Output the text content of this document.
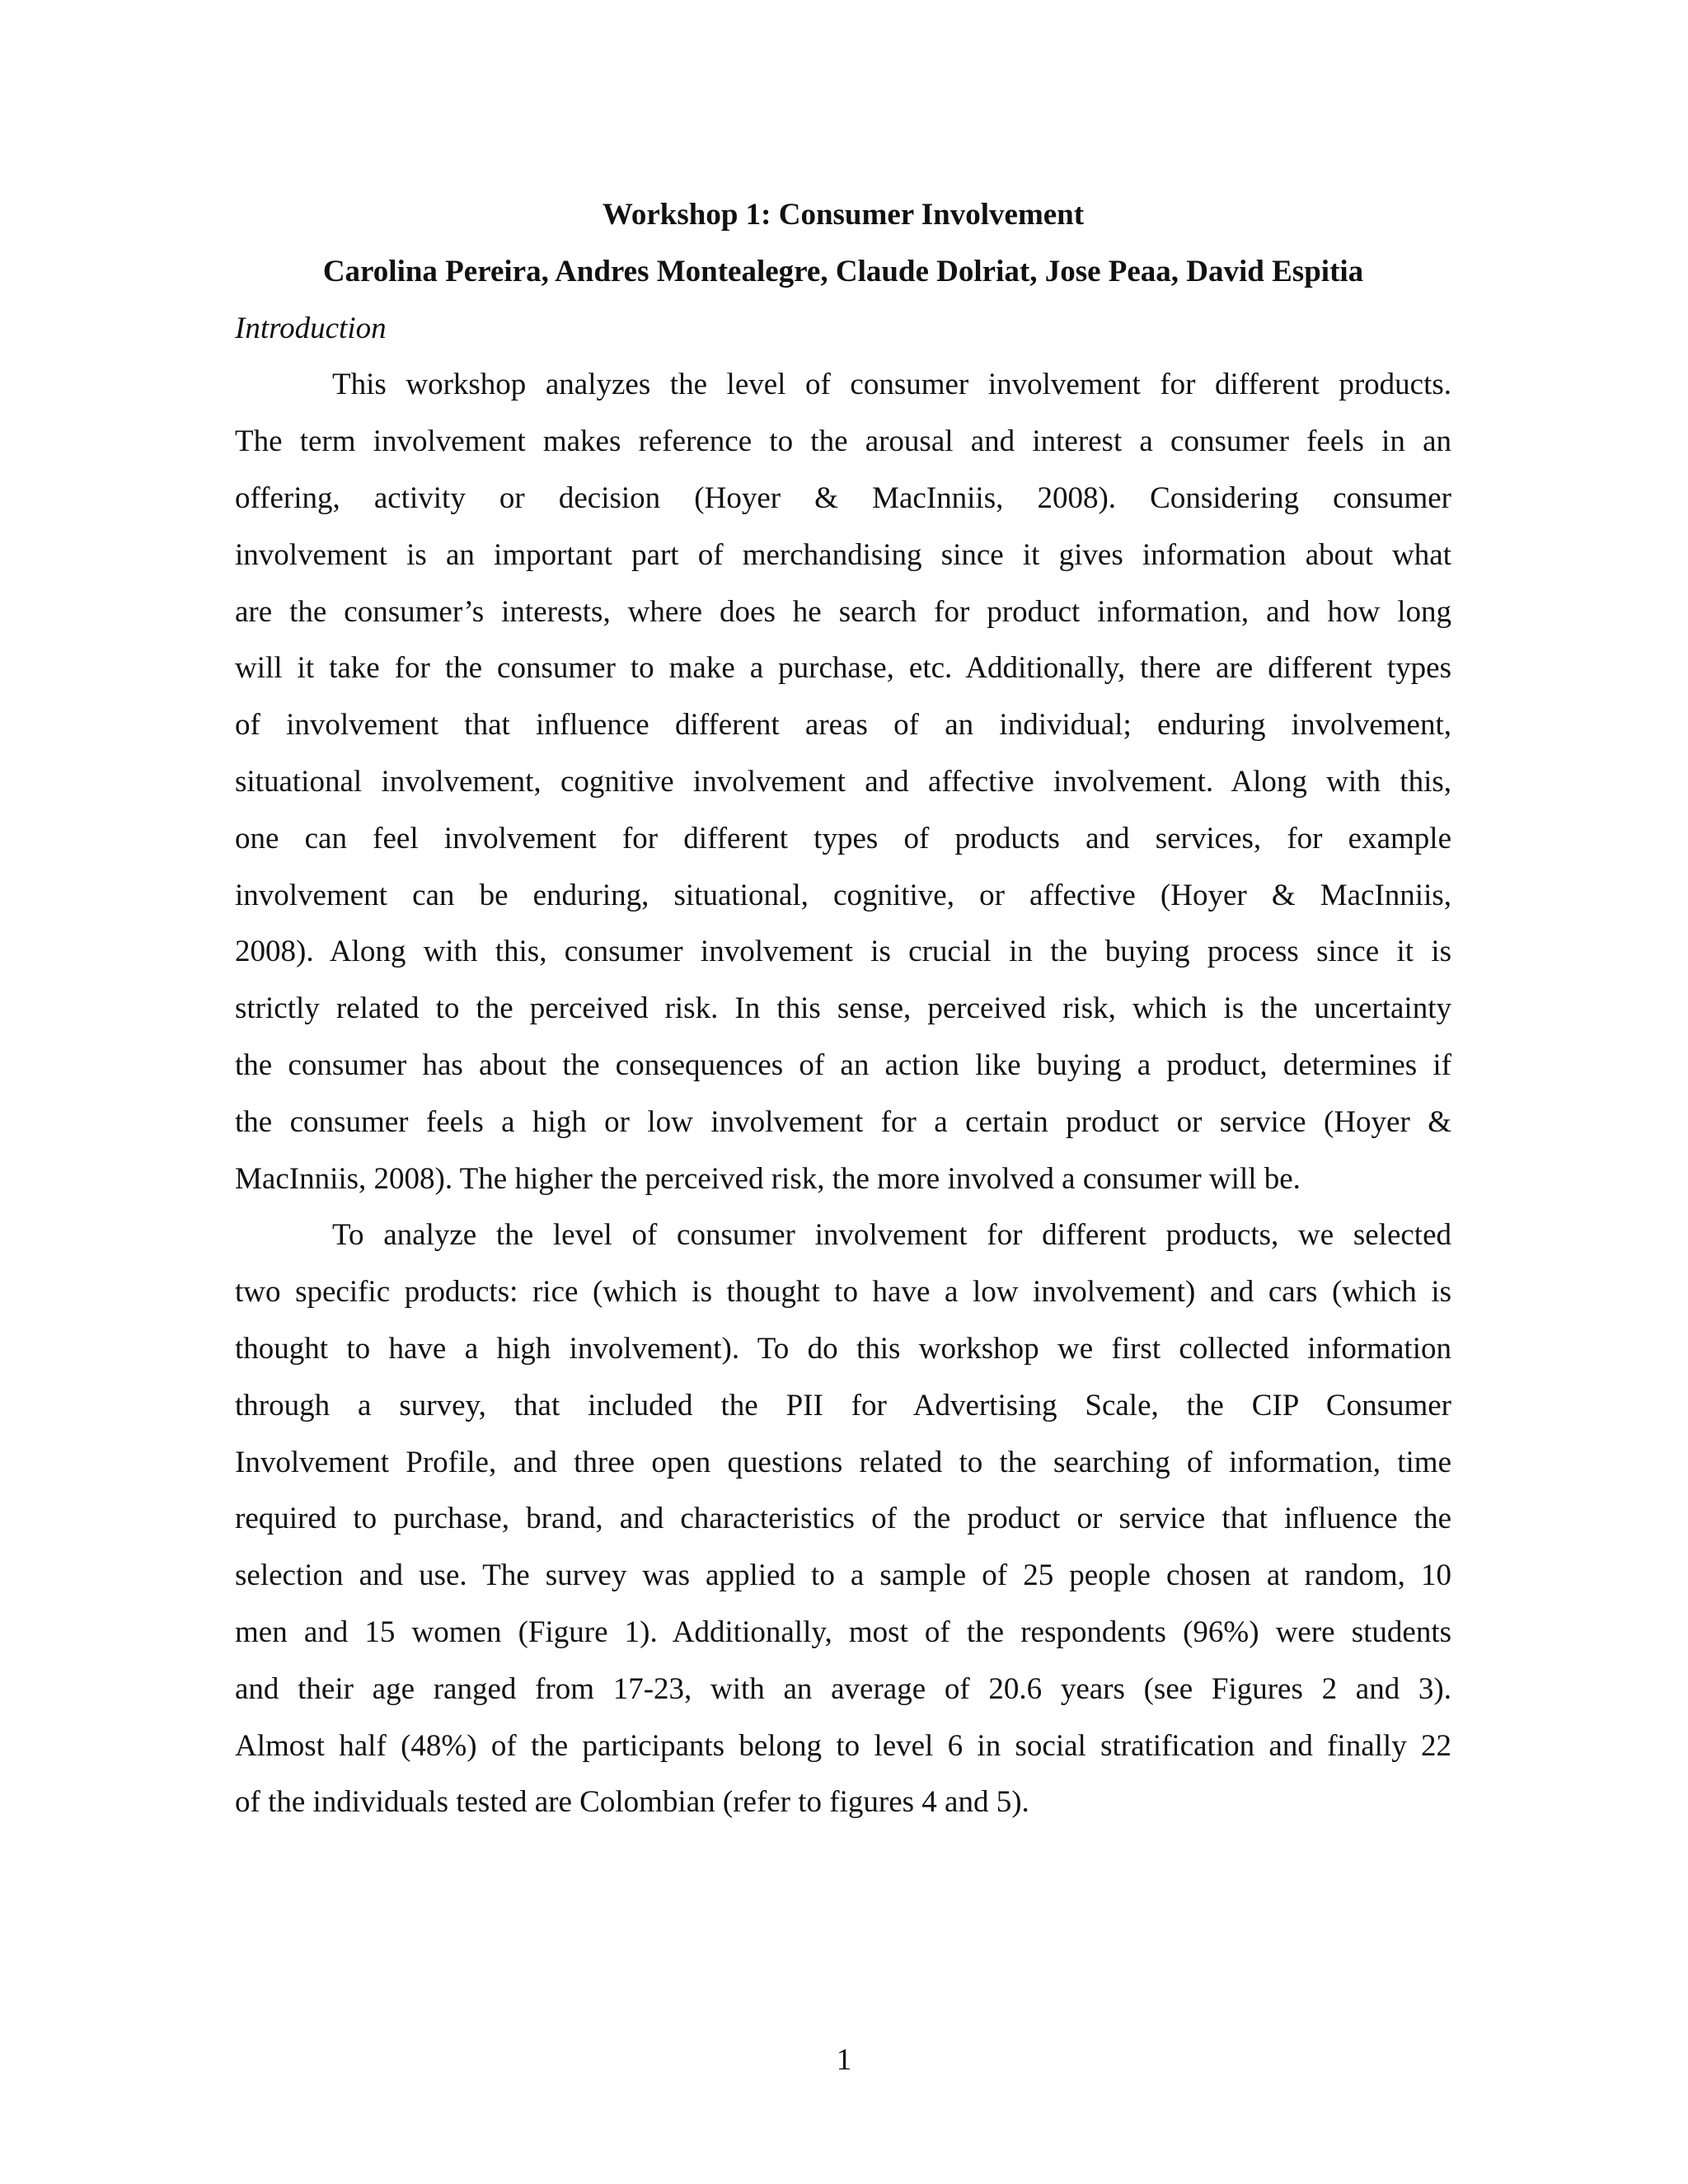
Workshop 1: Consumer Involvement
Carolina Pereira, Andres Montealegre, Claude Dolriat, Jose Peaa, David Espitia
Introduction
This workshop analyzes the level of consumer involvement for different products.
The term involvement makes reference to the arousal and interest a consumer feels in an
offering, activity or decision (Hoyer & MacInniis, 2008). Considering consumer
involvement is an important part of merchandising since it gives information about what
are the consumer’s interests, where does he search for product information, and how long
will it take for the consumer to make a purchase, etc. Additionally, there are different types
of involvement that influence different areas of an individual; enduring involvement,
situational involvement, cognitive involvement and affective involvement. Along with this,
one can feel involvement for different types of products and services, for example
involvement can be enduring, situational, cognitive, or affective (Hoyer & MacInniis,
2008). Along with this, consumer involvement is crucial in the buying process since it is
strictly related to the perceived risk. In this sense, perceived risk, which is the uncertainty
the consumer has about the consequences of an action like buying a product, determines if
the consumer feels a high or low involvement for a certain product or service (Hoyer &
MacInniis, 2008). The higher the perceived risk, the more involved a consumer will be.
To analyze the level of consumer involvement for different products, we selected
two specific products: rice (which is thought to have a low involvement) and cars (which is
thought to have a high involvement). To do this workshop we first collected information
through a survey, that included the PII for Advertising Scale, the CIP Consumer
Involvement Profile, and three open questions related to the searching of information, time
required to purchase, brand, and characteristics of the product or service that influence the
selection and use. The survey was applied to a sample of 25 people chosen at random, 10
men and 15 women (Figure 1). Additionally, most of the respondents (96%) were students
and their age ranged from 17-23, with an average of 20.6 years (see Figures 2 and 3).
Almost half (48%) of the participants belong to level 6 in social stratification and finally 22
of the individuals tested are Colombian (refer to figures 4 and 5).
1
